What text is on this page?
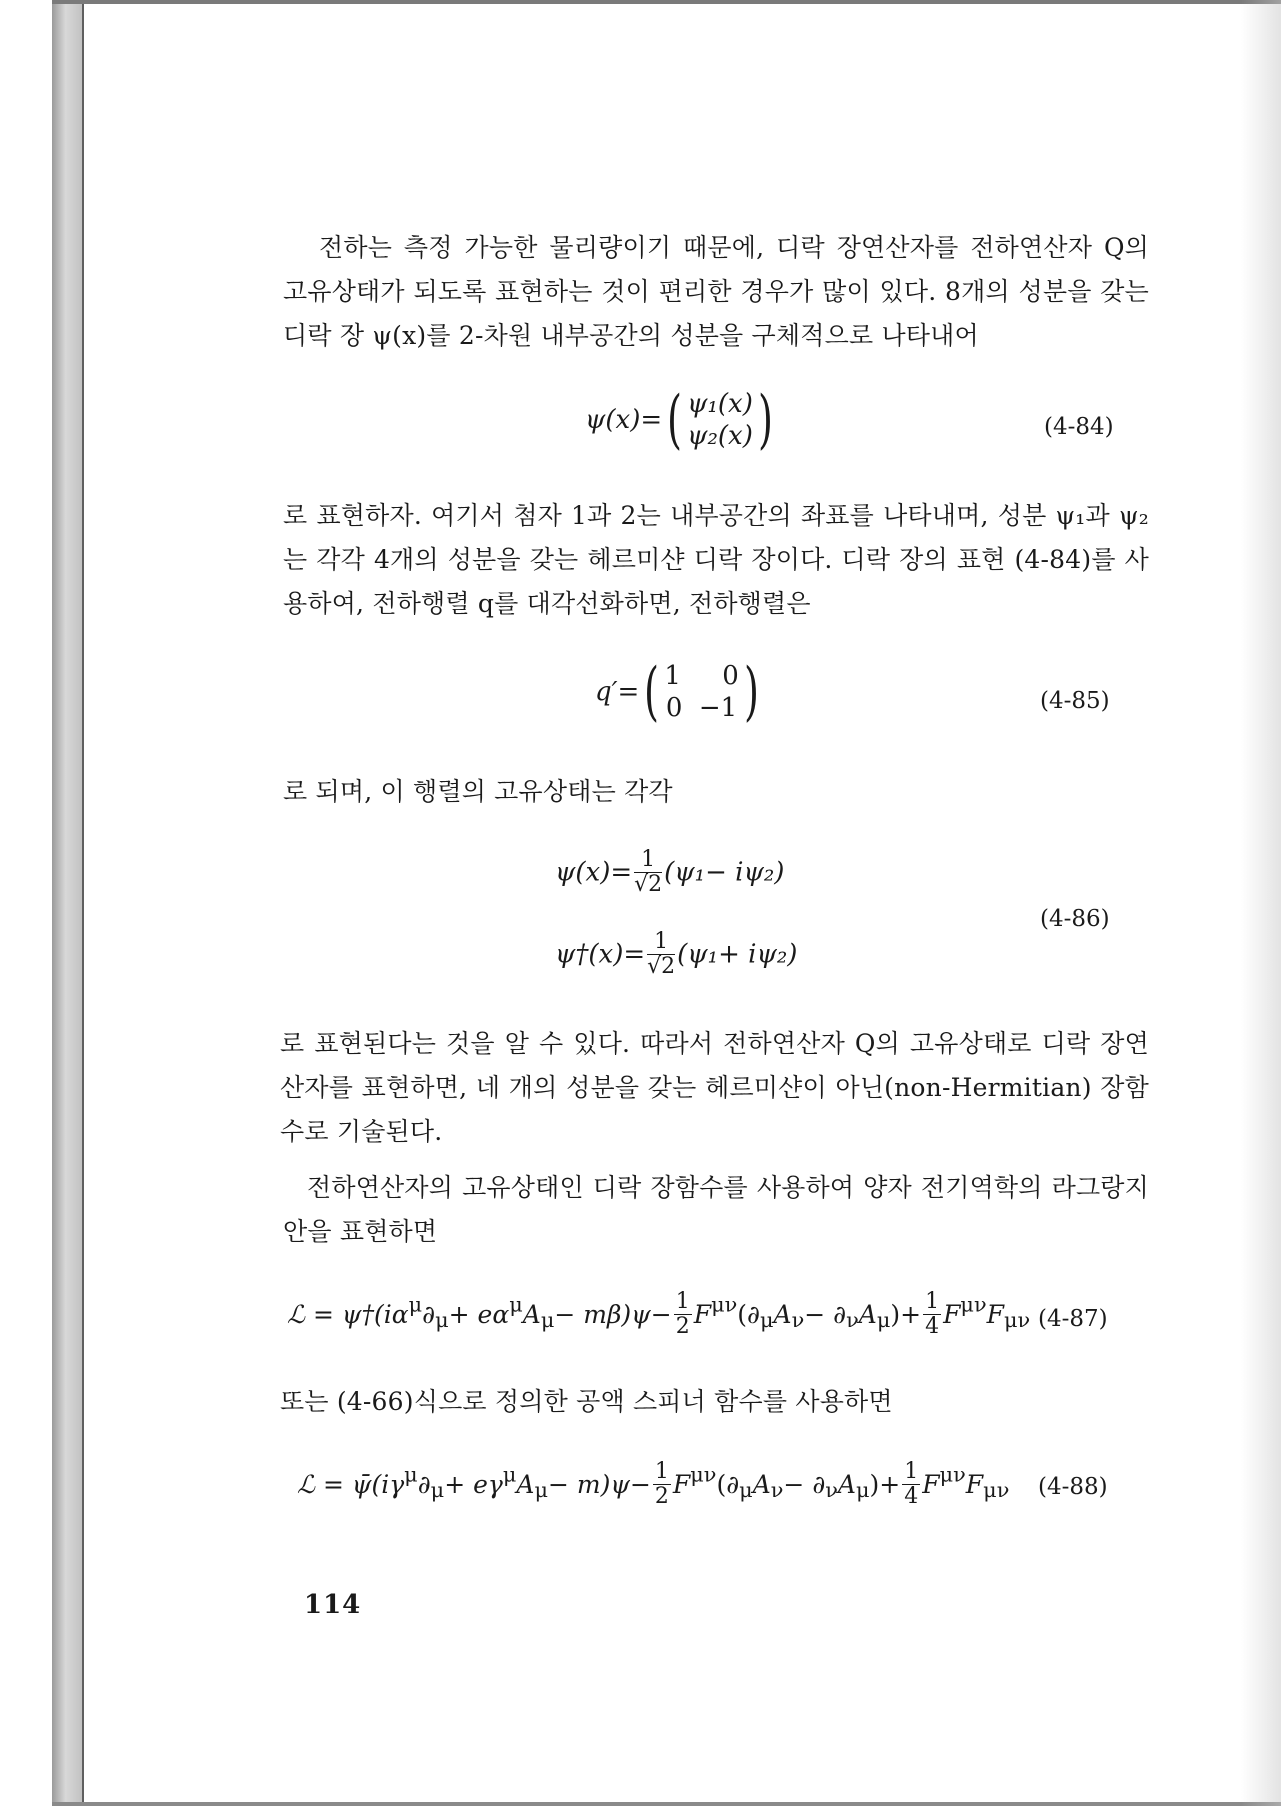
전하는 측정 가능한 물리량이기 때문에, 디락 장연산자를 전하연산자 Q의 고유상태가 되도록 표현하는 것이 편리한 경우가 많이 있다. 8개의 성분을 갖는 디락 장 ψ(x)를 2-차원 내부공간의 성분을 구체적으로 나타내어
ψ(x)=( ψ₁(x)
ψ₂(x))	(4-84)
로 표현하자. 여기서 첨자 1과 2는 내부공간의 좌표를 나타내며, 성분 ψ₁과 ψ₂는 각각 4개의 성분을 갖는 헤르미샨 디락 장이다. 디락 장의 표현 (4-84)를 사용하여, 전하행렬 q를 대각선화하면, 전하행렬은
q′=( 1 0
0 −1 )	(4-85)
로 되며, 이 행렬의 고유상태는 각각
$\psi(x)= \frac{1}{√2} (\psi_1- i\psi_2)$
ψ†(x)= $\frac{1}{√2} (\psi_1+ i\psi_2)$
(4-86)
로 표현된다는 것을 알 수 있다. 따라서 전하연산자 Q의 고유상태로 디락 장연산자를 표현하면, 네 개의 성분을 갖는 헤르미샨이 아닌(non-Hermitian) 장함수로 기술된다.
전하연산자의 고유상태인 디락 장함수를 사용하여 양자 전기역학의 라그랑지안을 표현하면
ℒ = $\psi\dagger(i\alpha^\mu\partial_\mu+ e\alpha^\mu A_\mu- m\beta)\psi- \frac{1}{2} F^{\mu\nu}(\partial_\mu A_\nu- \partial_\nu A_\mu)+ \frac{1}{4} F^{\mu\nu}F_{\mu\nu}$ (4-87)
또는 (4-66)식으로 정의한 공액 스피너 함수를 사용하면
ℒ = $\psī(i\gamma^\mu\partial_\mu+ e\gamma^\mu A_\mu- m)\psi- \frac{1}{2} F^{\mu\nu}(\partial_\mu A_\nu- \partial_\nu A_\mu)+ \frac{1}{4} F^{\mu\nu}F_{\mu\nu}$ (4-88)
114
